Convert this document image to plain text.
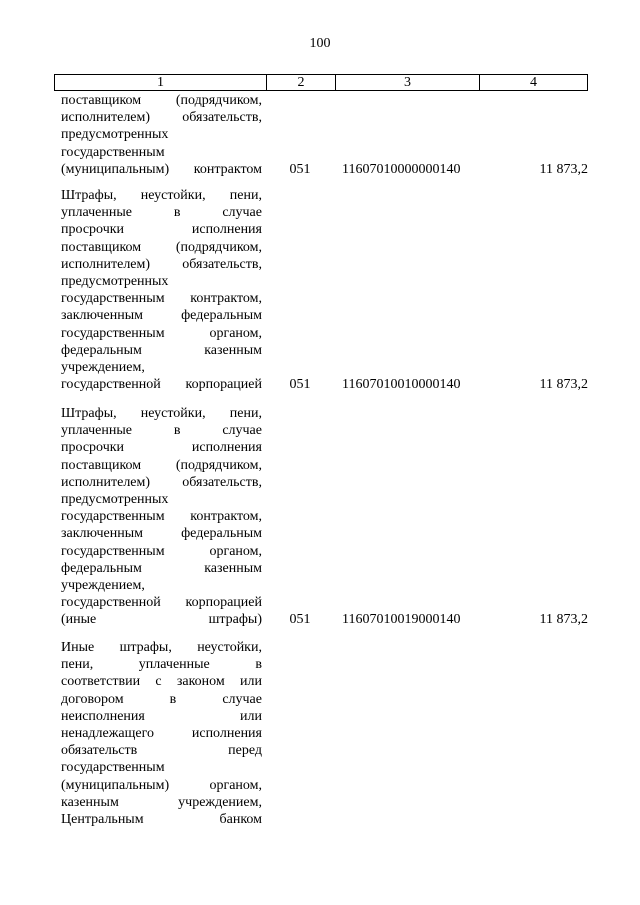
100
1	2	3	4
поставщиком (подрядчиком,
исполнителем) обязательств,
предусмотренных
государственным
(муниципальным) контрактом 051 11607010000000140	11 873,2
Штрафы, неустойки, пени,
уплаченные	в	случае
просрочки	исполнения
поставщиком (подрядчиком,
исполнителем) обязательств,
предусмотренных
государственным контрактом,
заключенным	федеральным
государственным	органом,
федеральным	казенным
учреждением,
государственной корпорацией 051 11607010010000140	11 873,2
Штрафы, неустойки, пени,
уплаченные	в	случае
просрочки	исполнения
поставщиком (подрядчиком,
исполнителем) обязательств,
предусмотренных
государственным контрактом,
заключенным	федеральным
государственным	органом,
федеральным	казенным
учреждением,
государственной корпорацией
(иные	штрафы) 051 11607010019000140	11 873,2
Иные штрафы, неустойки,
пени,	уплаченные	в
соответствии с законом или
договором	в	случае
неисполнения	или
ненадлежащего	исполнения
обязательств	перед
государственным
(муниципальным)	органом,
казенным	учреждением,
Центральным	банком
